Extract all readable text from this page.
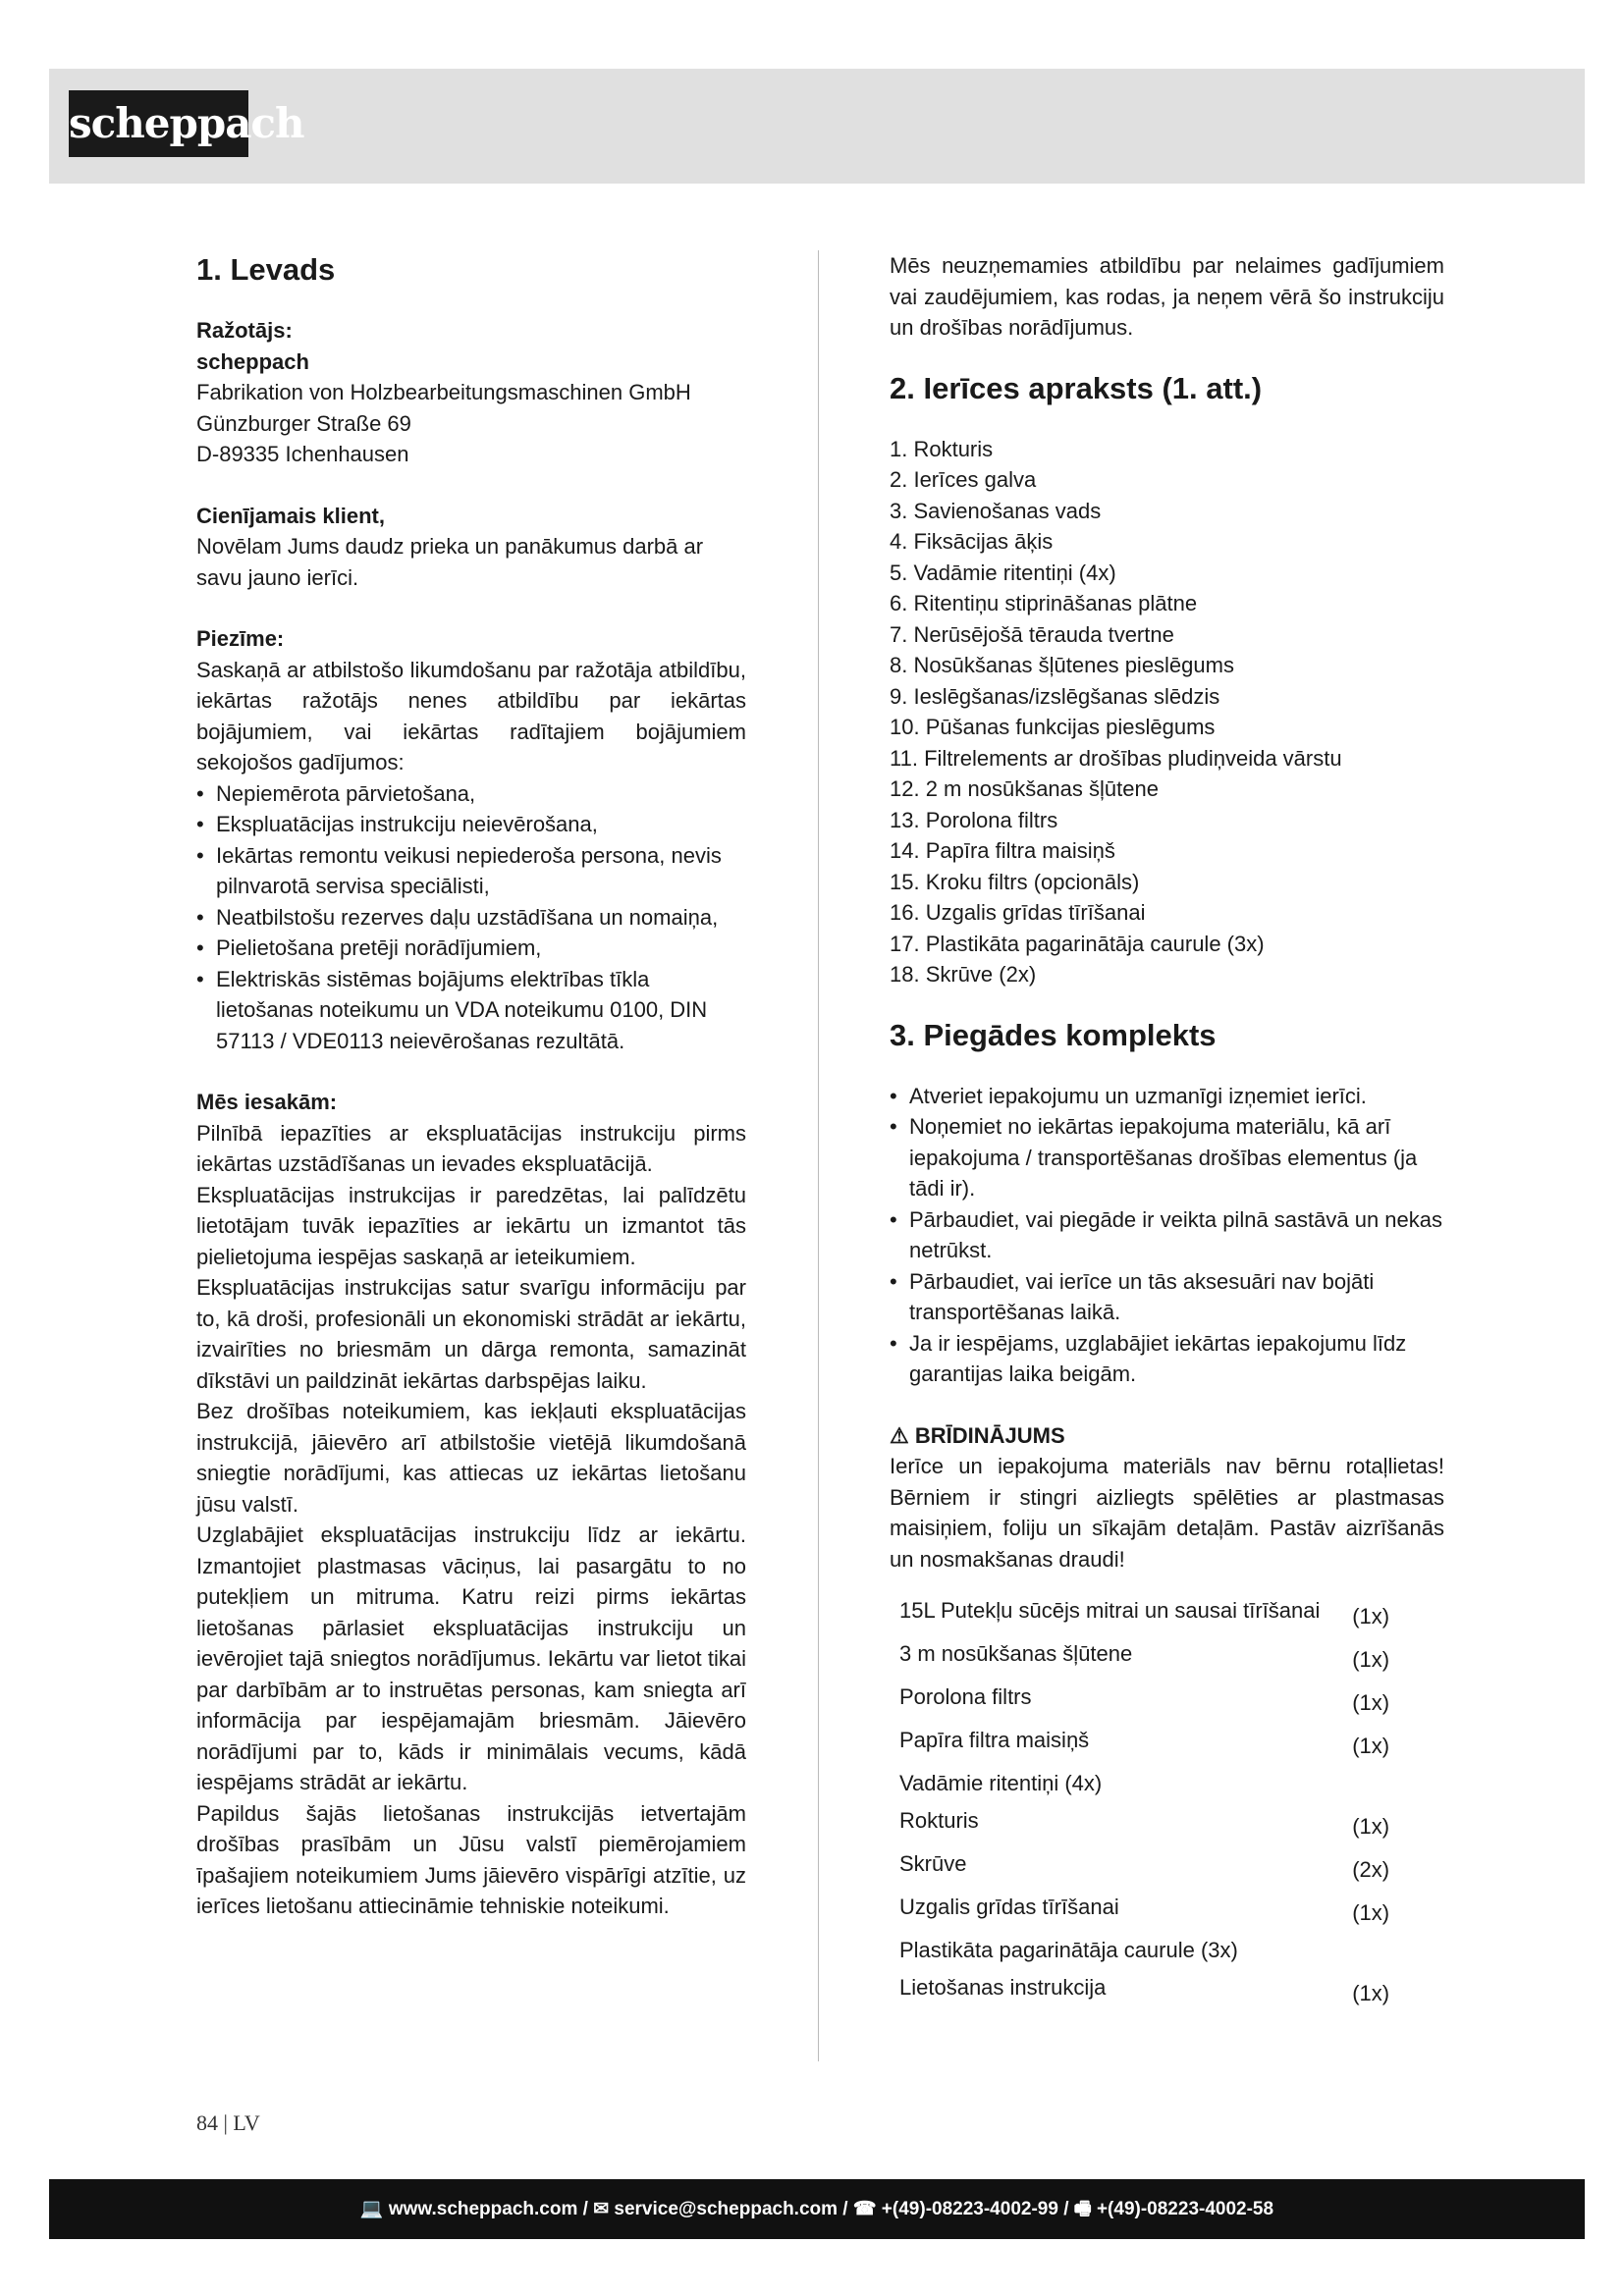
scheppach
1. Levads

Ražotājs:

scheppach

Fabrikation von Holzbearbeitungsmaschinen GmbH

Günzburger Straße 69

D-89335 Ichenhausen

Cienījamais klient,

Novēlam Jums daudz prieka un panākumus darbā ar savu jauno ierīci.

Piezīme:

Saskaņā ar atbilstošo likumdošanu par ražotāja atbildību, iekārtas ražotājs nenes atbildību par iekārtas bojājumiem, vai iekārtas radītajiem bojājumiem sekojošos gadījumos:

• Nepiemērota pārvietošana,
• Ekspluatācijas instrukciju neievērošana,
• Iekārtas remontu veikusi nepiederoša persona, nevis pilnvarotā servisa speciālisti,
• Neatbilstošu rezerves daļu uzstādīšana un nomaiņa,
• Pielietošana pretēji norādījumiem,
• Elektriskās sistēmas bojājums elektrības tīkla lietošanas noteikumu un VDA noteikumu 0100, DIN 57113 / VDE0113 neievērošanas rezultātā.

Mēs iesakām:

Pilnībā iepazīties ar ekspluatācijas instrukciju pirms iekārtas uzstādīšanas un ievades ekspluatācijā.

Ekspluatācijas instrukcijas ir paredzētas, lai palīdzētu lietotājam tuvāk iepazīties ar iekārtu un izmantot tās pielietojuma iespējas saskaņā ar ieteikumiem.

Ekspluatācijas instrukcijas satur svarīgu informāciju par to, kā droši, profesionāli un ekonomiski strādāt ar iekārtu, izvairīties no briesmām un dārga remonta, samazināt dīkstāvi un paildzināt iekārtas darbspējas laiku.

Bez drošības noteikumiem, kas iekļauti ekspluatācijas instrukcijā, jāievēro arī atbilstošie vietējā likumdošanā sniegtie norādījumi, kas attiecas uz iekārtas lietošanu jūsu valstī.

Uzglabājiet ekspluatācijas instrukciju līdz ar iekārtu. Izmantojiet plastmasas vāciņus, lai pasargātu to no putekļiem un mitruma. Katru reizi pirms iekārtas lietošanas pārlasiet ekspluatācijas instrukciju un ievērojiet tajā sniegtos norādījumus. Iekārtu var lietot tikai par darbībām ar to instruētas personas, kam sniegta arī informācija par iespējamajām briesmām. Jāievēro norādījumi par to, kāds ir minimālais vecums, kādā iespējams strādāt ar iekārtu.

Papildus šajās lietošanas instrukcijās ietvertajām drošības prasībām un Jūsu valstī piemērojamiem īpašajiem noteikumiem Jums jāievēro vispārīgi atzītie, uz ierīces lietošanu attiecināmie tehniskie noteikumi.

Mēs neuzņemamies atbildību par nelaimes gadījumiem vai zaudējumiem, kas rodas, ja neņem vērā šo instrukciju un drošības norādījumus.

2. Ierīces apraksts (1. att.)
1. Rokturis
2. Ierīces galva
3. Savienošanas vads
4. Fiksācijas āķis
5. Vadāmie ritentiņi (4x)
6. Ritentiņu stiprināšanas plātne
7. Nerūsējošā tērauda tvertne
8. Nosūkšanas šļūtenes pieslēgums
9. Ieslēgšanas/izslēgšanas slēdzis
10. Pūšanas funkcijas pieslēgums
11. Filtrelements ar drošības pludiņveida vārstu
12. 2 m nosūkšanas šļūtene
13. Porolona filtrs
14. Papīra filtra maisiņš
15. Kroku filtrs (opcionāls)
16. Uzgalis grīdas tīrīšanai
17. Plastikāta pagarinātāja caurule (3x)
18. Skrūve (2x)
3. Piegādes komplekts
• Atveriet iepakojumu un uzmanīgi izņemiet ierīci.
• Noņemiet no iekārtas iepakojuma materiālu, kā arī iepakojuma / transportēšanas drošības elementus (ja tādi ir).
• Pārbaudiet, vai piegāde ir veikta pilnā sastāvā un nekas netrūkst.
• Pārbaudiet, vai ierīce un tās aksesuāri nav bojāti transportēšanas laikā.
• Ja ir iespējams, uzglabājiet iekārtas iepakojumu līdz garantijas laika beigām.

⚠ BRĪDINĀJUMS

Ierīce un iepakojuma materiāls nav bērnu rotaļlietas! Bērniem ir stingri aizliegts spēlēties ar plastmasas maisiņiem, foliju un sīkajām detaļām. Pastāv aizrīšanās un nosmakšanas draudi!

15L Putekļu sūcējs mitrai un sausai tīrīšanai	(1x)
3 m nosūkšanas šļūtene	(1x)
Porolona filtrs	(1x)
Papīra filtra maisiņš	(1x)
Vadāmie ritentiņi (4x)	
Rokturis	(1x)
Skrūve	(2x)
Uzgalis grīdas tīrīšanai	(1x)
Plastikāta pagarinātāja caurule (3x)	
Lietošanas instrukcija	(1x)
84 | LV
💻 www.scheppach.com / ✉ service@scheppach.com / ☎ +(49)-08223-4002-99 / 🖷 +(49)-08223-4002-58
